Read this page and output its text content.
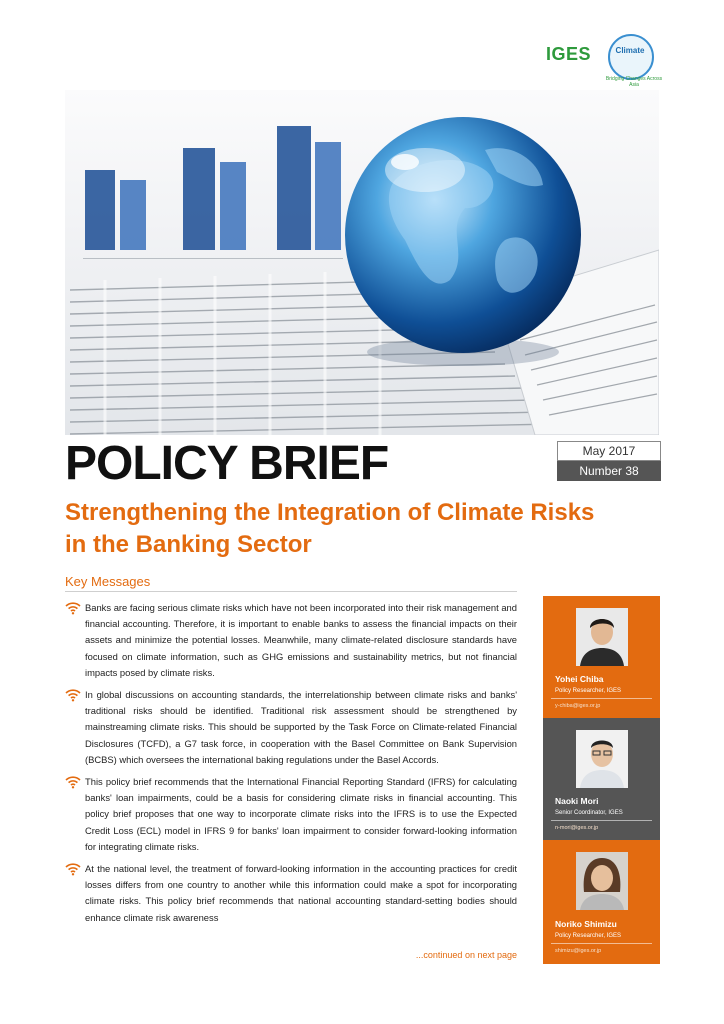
IGES	Climate
Bridging Changes Across Asia
POLICY BRIEF	May 2017
Number 38
Strengthening the Integration of Climate Risks
in the Banking Sector
Key Messages
Banks are facing serious climate risks which have not been incorporated into their risk management and financial accounting. Therefore, it is important to enable banks to assess the financial impacts on their assets and minimize the potential losses. Meanwhile, many climate-related disclosure standards have focused on climate information, such as GHG emissions and sustainability metrics, but not financial impacts posed by climate risks.
In global discussions on accounting standards, the interrelationship between climate risks and banks' traditional risks should be identified. Traditional risk assessment should be strengthened by mainstreaming climate risks. This should be supported by the Task Force on Climate-related Financial Disclosures (TCFD), a G7 task force, in cooperation with the Basel Committee on Bank Supervision (BCBS) which oversees the international baking regulations under the Basel Accords.
This policy brief recommends that the International Financial Reporting Standard (IFRS) for calculating banks' loan impairments, could be a basis for considering climate risks in financial accounting. This policy brief proposes that one way to incorporate climate risks into the IFRS is to use the Expected Credit Loss (ECL) model in IFRS 9 for banks' loan impairment to consider forward-looking information for integrating climate risks.
At the national level, the treatment of forward-looking information in the accounting practices for credit losses differs from one country to another while this information could make a spot for incorporating climate risks. This policy brief recommends that national accounting standard-setting bodies should enhance climate risk awareness
...continued on next page
Yohei Chiba
Policy Researcher, IGES
y-chiba@iges.or.jp
Naoki Mori
Senior Coordinator, IGES
n-mori@iges.or.jp
Noriko Shimizu
Policy Researcher, IGES
shimizu@iges.or.jp
